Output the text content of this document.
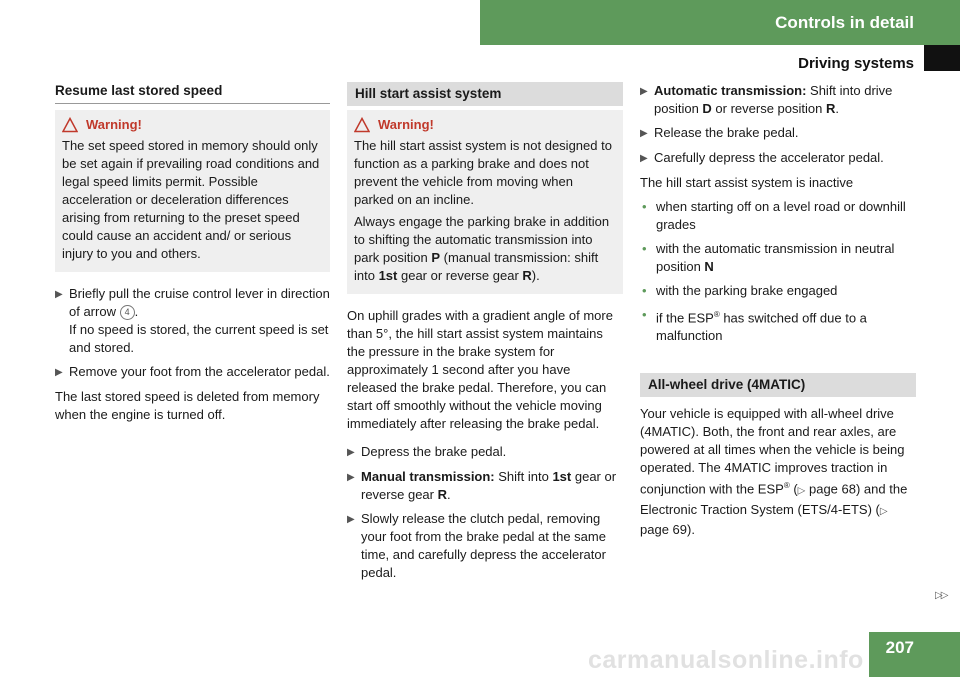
Controls in detail
Driving systems
Resume last stored speed
Warning!

The set speed stored in memory should only be set again if prevailing road conditions and legal speed limits permit. Possible acceleration or deceleration differences arising from returning to the preset speed could cause an accident and/ or serious injury to you and others.

▶ Briefly pull the cruise control lever in direction of arrow 4 .
If no speed is stored, the current speed is set and stored.
▶ Remove your foot from the accelerator pedal.

The last stored speed is deleted from memory when the engine is turned off.

Hill start assist system
Warning!

The hill start assist system is not designed to function as a parking brake and does not prevent the vehicle from moving when parked on an incline.

Always engage the parking brake in addition to shifting the automatic transmission into park position P (manual transmission: shift into 1st gear or reverse gear R).

On uphill grades with a gradient angle of more than 5°, the hill start assist system maintains the pressure in the brake system for approximately 1 second after you have released the brake pedal. Therefore, you can start off smoothly without the vehicle moving immediately after releasing the brake pedal.

▶ Depress the brake pedal.
▶ Manual transmission: Shift into 1st gear or reverse gear R.
▶ Slowly release the clutch pedal, removing your foot from the brake pedal at the same time, and carefully depress the accelerator pedal.
▶ Automatic transmission: Shift into drive position D or reverse position R.
▶ Release the brake pedal.
▶ Carefully depress the accelerator pedal.

The hill start assist system is inactive

• when starting off on a level road or downhill grades
• with the automatic transmission in neutral position N
• with the parking brake engaged
• if the ESP® has switched off due to a malfunction
All-wheel drive (4MATIC)

Your vehicle is equipped with all-wheel drive (4MATIC). Both, the front and rear axles, are powered at all times when the vehicle is being operated. The 4MATIC improves traction in conjunction with the ESP® (▷ page 68) and the Electronic Traction System (ETS/4-ETS) (▷ page 69).

▷▷
207
carmanualsonline.info
